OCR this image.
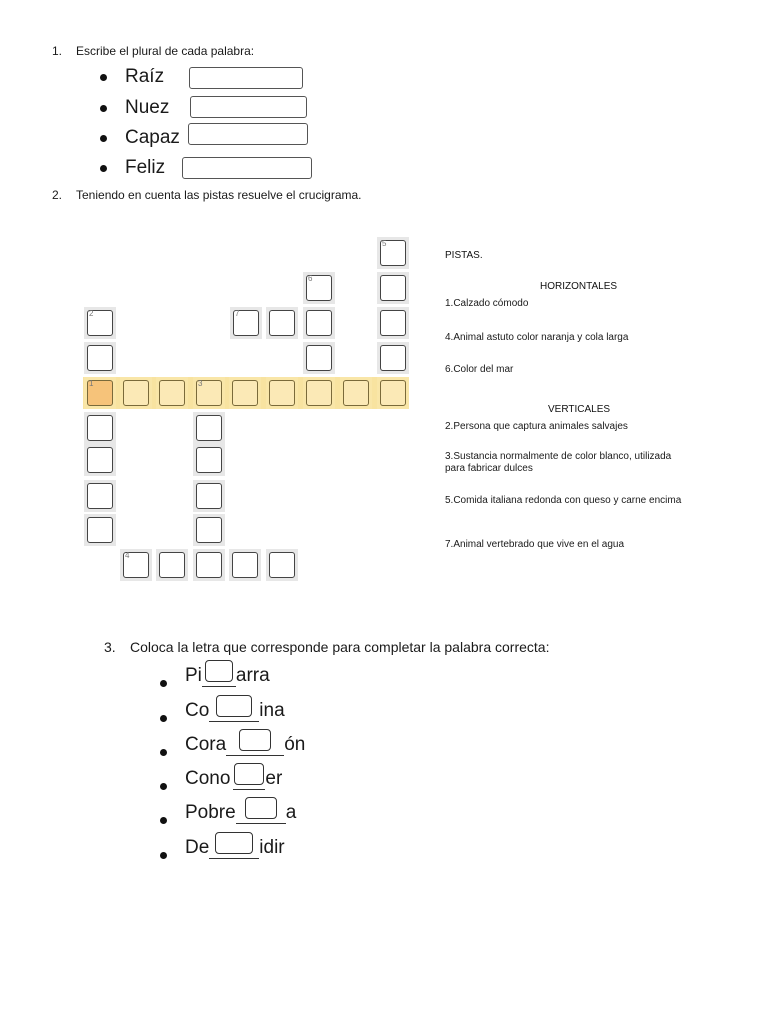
1. Escribe el plural de cada palabra:
Raíz
Nuez
Capaz
Feliz
2. Teniendo en cuenta las pistas resuelve el crucigrama.
5
6
7
2
1	3
4
PISTAS.
HORIZONTALES
1.Calzado cómodo
4.Animal astuto color naranja y cola larga
6.Color del mar
VERTICALES
2.Persona que captura animales salvajes
3.Sustancia normalmente de color blanco, utilizada para fabricar dulces
5.Comida italiana redonda con queso y carne encima
7.Animal vertebrado que vive en el agua
3. Coloca la letra que corresponde para completar la palabra correcta:
Pi arra
Co	ina
Cora	ón
Cono er
Pobre	a
De	idir
